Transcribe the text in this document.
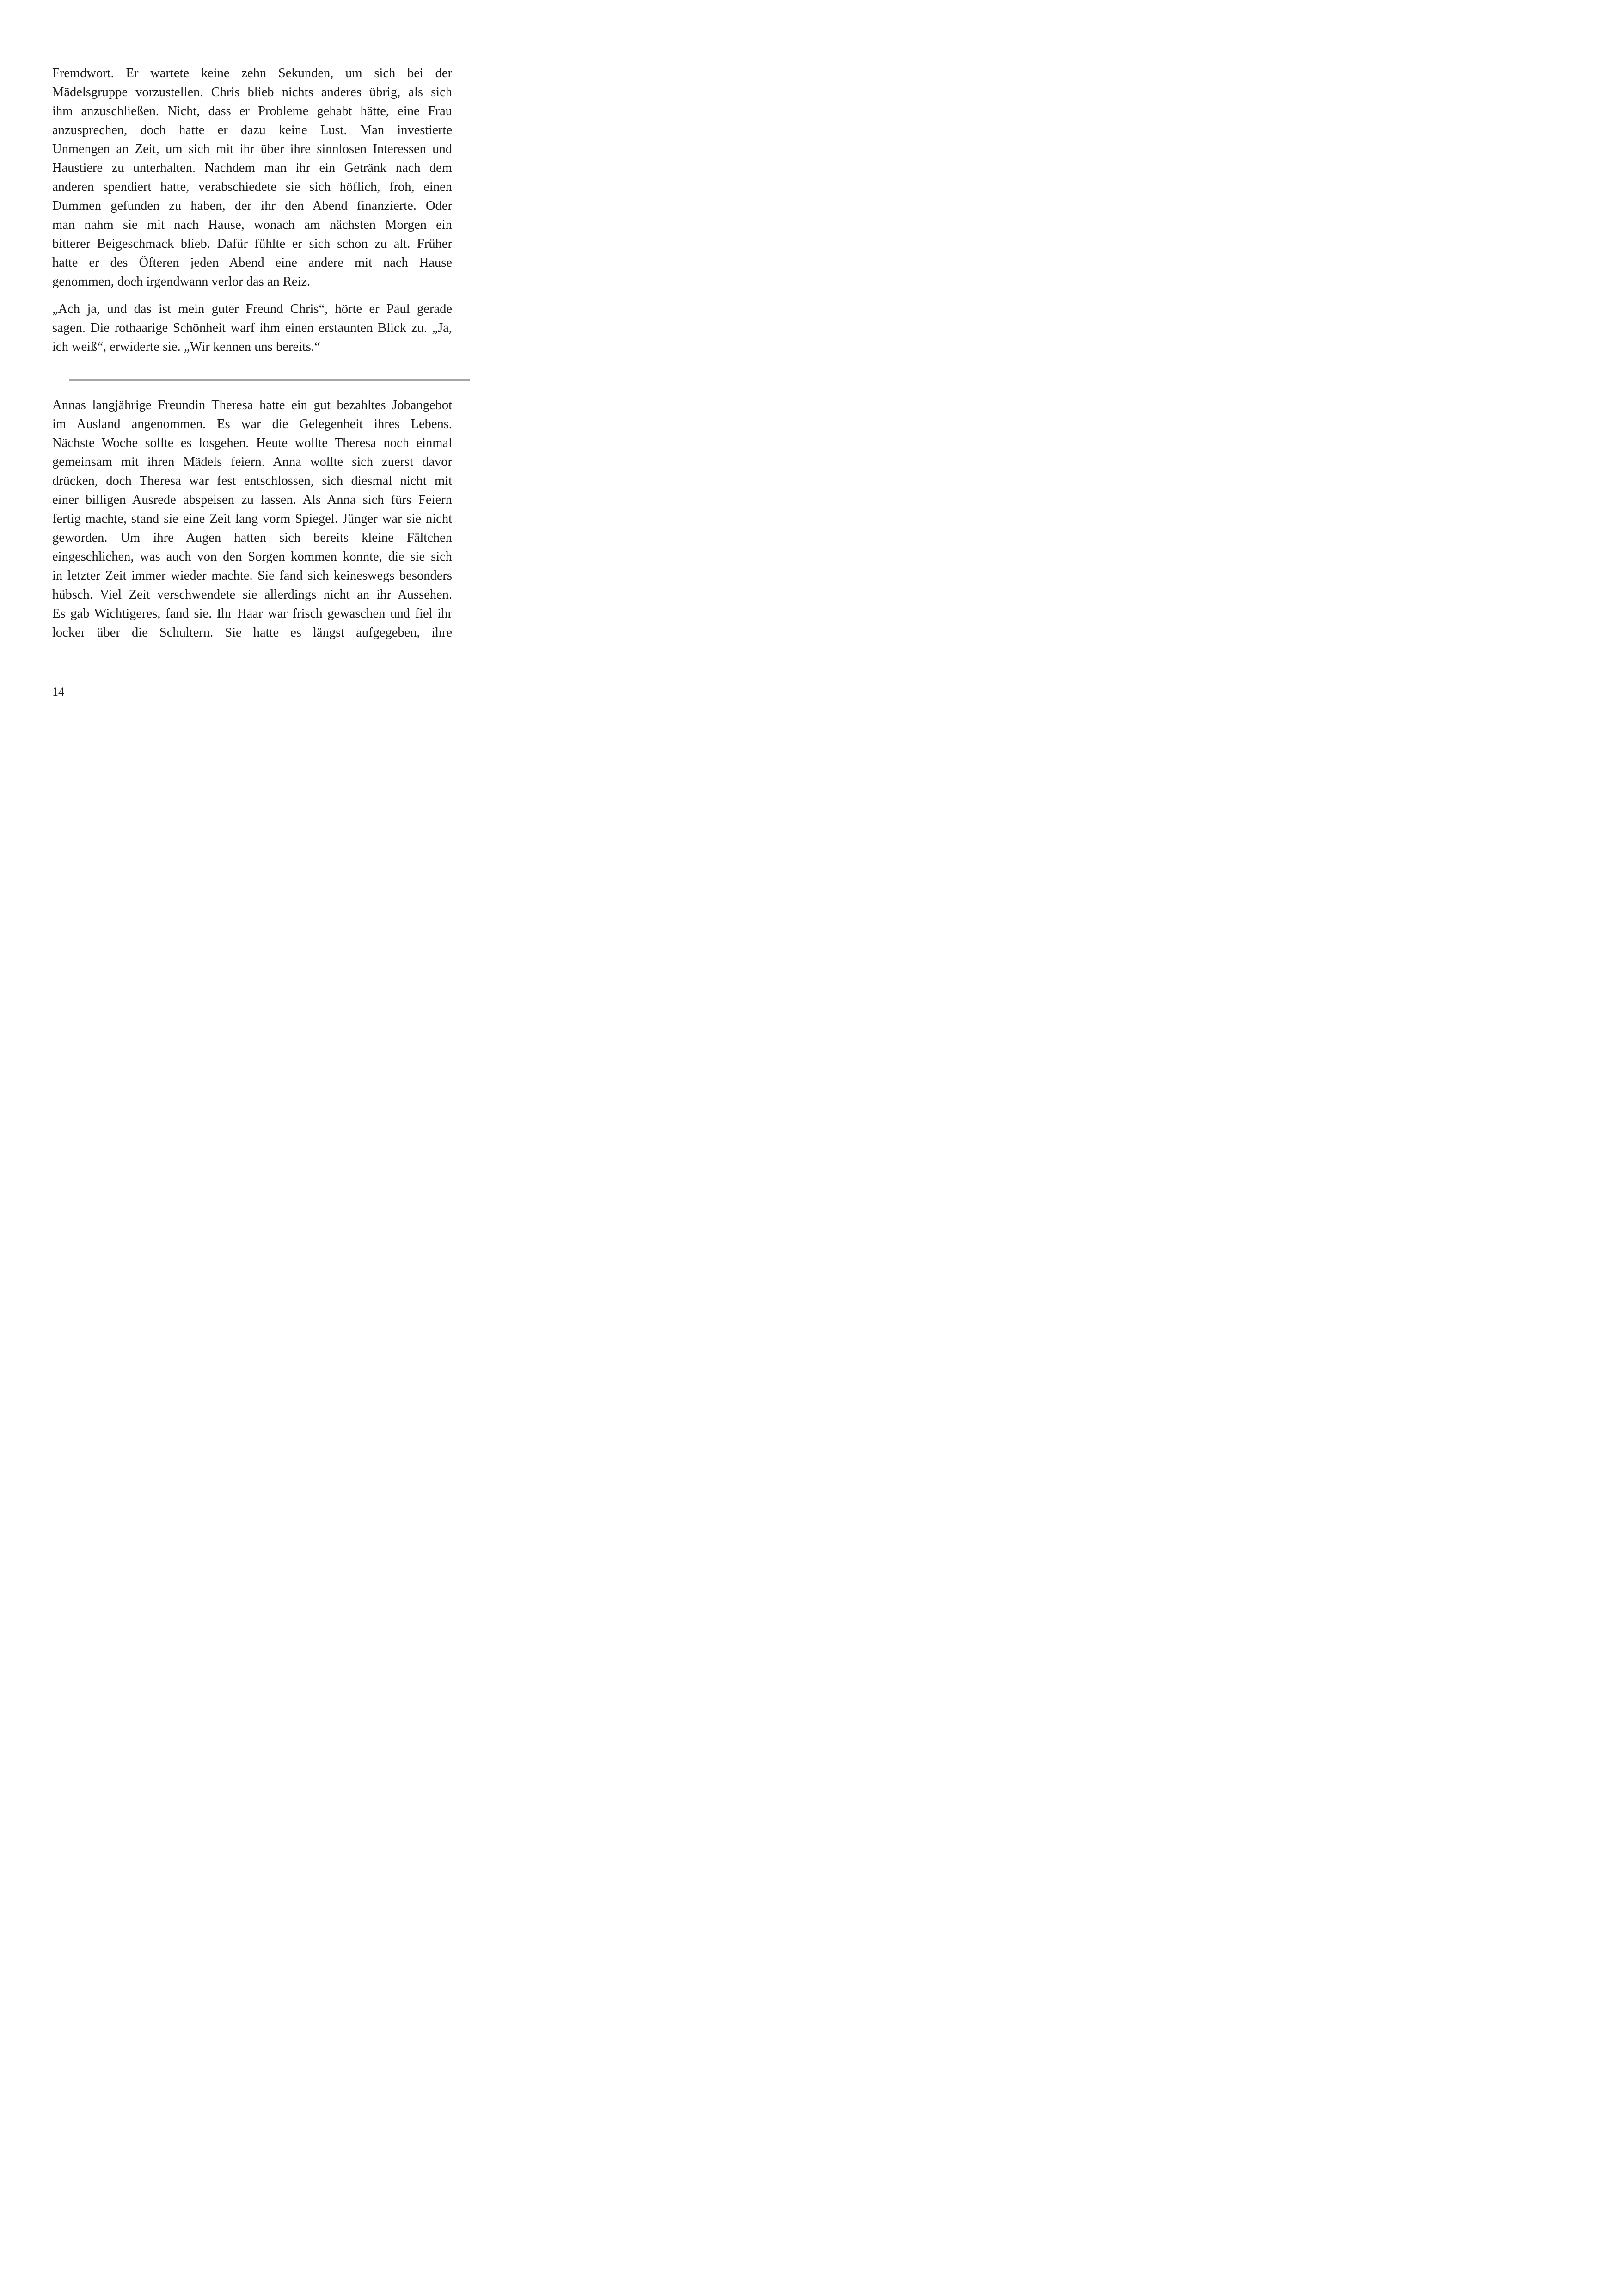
Fremdwort. Er wartete keine zehn Sekunden, um sich bei der
Mädelsgruppe vorzustellen. Chris blieb nichts anderes übrig, als sich
ihm anzuschließen. Nicht, dass er Probleme gehabt hätte, eine Frau
anzusprechen, doch hatte er dazu keine Lust. Man investierte
Unmengen an Zeit, um sich mit ihr über ihre sinnlosen Interessen und
Haustiere zu unterhalten. Nachdem man ihr ein Getränk nach dem
anderen spendiert hatte, verabschiedete sie sich höflich, froh, einen
Dummen gefunden zu haben, der ihr den Abend finanzierte. Oder
man nahm sie mit nach Hause, wonach am nächsten Morgen ein
bitterer Beigeschmack blieb. Dafür fühlte er sich schon zu alt. Früher
hatte er des Öfteren jeden Abend eine andere mit nach Hause
genommen, doch irgendwann verlor das an Reiz.
„Ach ja, und das ist mein guter Freund Chris“, hörte er Paul gerade
sagen. Die rothaarige Schönheit warf ihm einen erstaunten Blick zu. „Ja,
ich weiß“, erwiderte sie. „Wir kennen uns bereits.“
Annas langjährige Freundin Theresa hatte ein gut bezahltes Jobangebot
im Ausland angenommen. Es war die Gelegenheit ihres Lebens.
Nächste Woche sollte es losgehen. Heute wollte Theresa noch einmal
gemeinsam mit ihren Mädels feiern. Anna wollte sich zuerst davor
drücken, doch Theresa war fest entschlossen, sich diesmal nicht mit
einer billigen Ausrede abspeisen zu lassen. Als Anna sich fürs Feiern
fertig machte, stand sie eine Zeit lang vorm Spiegel. Jünger war sie nicht
geworden. Um ihre Augen hatten sich bereits kleine Fältchen
eingeschlichen, was auch von den Sorgen kommen konnte, die sie sich
in letzter Zeit immer wieder machte. Sie fand sich keineswegs besonders
hübsch. Viel Zeit verschwendete sie allerdings nicht an ihr Aussehen.
Es gab Wichtigeres, fand sie. Ihr Haar war frisch gewaschen und fiel ihr
locker über die Schultern. Sie hatte es längst aufgegeben, ihre
14
